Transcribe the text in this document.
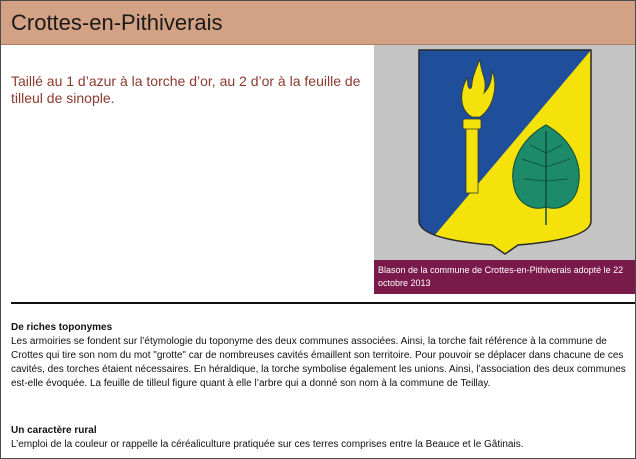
Crottes-en-Pithiverais
Taillé au 1 d’azur à la torche d’or, au 2 d’or à la feuille de tilleul de sinople.
Blason de la commune de Crottes-en-Pithiverais adopté le 22 octobre 2013
De riches toponymes

Les armoiries se fondent sur l’étymologie du toponyme des deux communes associées. Ainsi, la torche fait référence à la commune de Crottes qui tire son nom du mot "grotte" car de nombreuses cavités émaillent son territoire. Pour pouvoir se déplacer dans chacune de ces cavités, des torches étaient nécessaires. En héraldique, la torche symbolise également les unions. Ainsi, l’association des deux communes est-elle évoquée. La feuille de tilleul figure quant à elle l’arbre qui a donné son nom à la commune de Teillay.

Un caractère rural

L’emploi de la couleur or rappelle la céréaliculture pratiquée sur ces terres comprises entre la Beauce et le Gâtinais.
